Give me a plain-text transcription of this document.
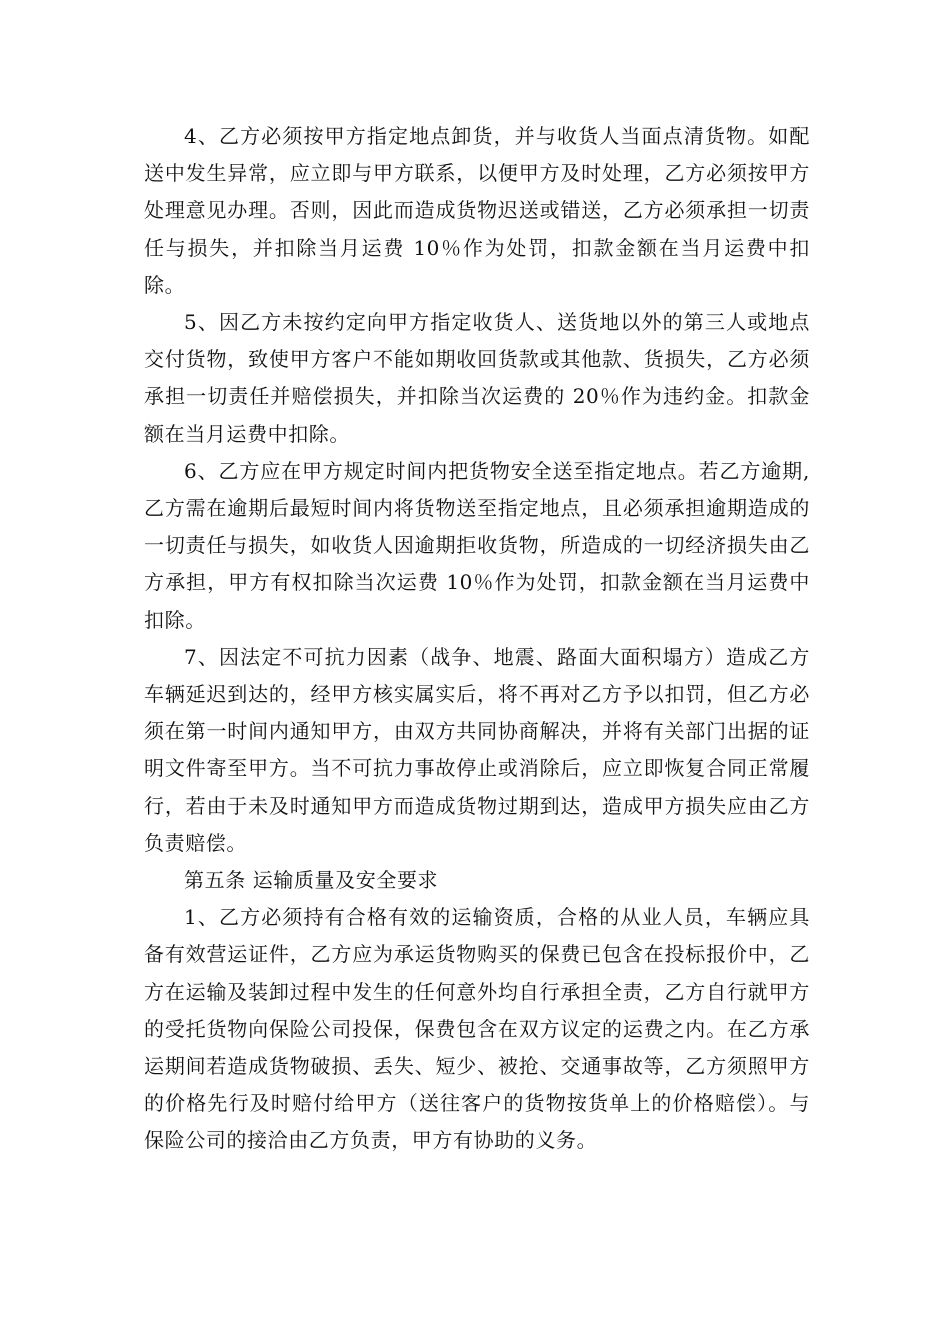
4、乙方必须按甲方指定地点卸货，并与收货人当面点清货物。如配送中发生异常，应立即与甲方联系，以便甲方及时处理，乙方必须按甲方处理意见办理。否则，因此而造成货物迟送或错送，乙方必须承担一切责任与损失，并扣除当月运费 10％作为处罚，扣款金额在当月运费中扣除。

5、因乙方未按约定向甲方指定收货人、送货地以外的第三人或地点交付货物，致使甲方客户不能如期收回货款或其他款、货损失，乙方必须承担一切责任并赔偿损失，并扣除当次运费的 20％作为违约金。扣款金额在当月运费中扣除。

6、乙方应在甲方规定时间内把货物安全送至指定地点。若乙方逾期,乙方需在逾期后最短时间内将货物送至指定地点，且必须承担逾期造成的一切责任与损失，如收货人因逾期拒收货物，所造成的一切经济损失由乙方承担，甲方有权扣除当次运费 10％作为处罚，扣款金额在当月运费中扣除。

7、因法定不可抗力因素（战争、地震、路面大面积塌方）造成乙方车辆延迟到达的，经甲方核实属实后，将不再对乙方予以扣罚，但乙方必须在第一时间内通知甲方，由双方共同协商解决，并将有关部门出据的证明文件寄至甲方。当不可抗力事故停止或消除后，应立即恢复合同正常履行，若由于未及时通知甲方而造成货物过期到达，造成甲方损失应由乙方负责赔偿。

第五条 运输质量及安全要求

1、乙方必须持有合格有效的运输资质，合格的从业人员，车辆应具备有效营运证件，乙方应为承运货物购买的保费已包含在投标报价中，乙方在运输及装卸过程中发生的任何意外均自行承担全责，乙方自行就甲方的受托货物向保险公司投保，保费包含在双方议定的运费之内。在乙方承运期间若造成货物破损、丢失、短少、被抢、交通事故等，乙方须照甲方的价格先行及时赔付给甲方（送往客户的货物按货单上的价格赔偿）。与保险公司的接洽由乙方负责，甲方有协助的义务。
